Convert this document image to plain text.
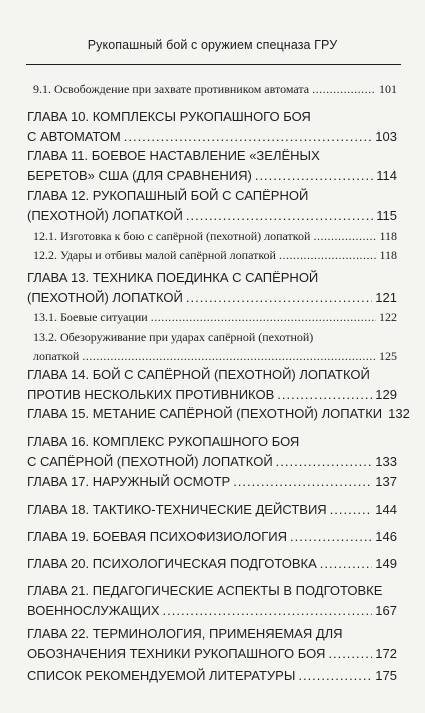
Рукопашный бой с оружием спецназа ГРУ
9.1. Освобождение при захвате противником автомата .....	101
ГЛАВА 10. КОМПЛЕКСЫ РУКОПАШНОГО БОЯ
С АВТОМАТОМ .....	103
ГЛАВА 11. БОЕВОЕ НАСТАВЛЕНИЕ «ЗЕЛЁНЫХ
БЕРЕТОВ» США (ДЛЯ СРАВНЕНИЯ) .....	114
ГЛАВА 12. РУКОПАШНЫЙ БОЙ С САПЁРНОЙ
(ПЕХОТНОЙ) ЛОПАТКОЙ .....	115
12.1. Изготовка к бою с сапёрной (пехотной) лопаткой .....	118
12.2. Удары и отбивы малой сапёрной лопаткой .....	118
ГЛАВА 13. ТЕХНИКА ПОЕДИНКА С САПЁРНОЙ
(ПЕХОТНОЙ) ЛОПАТКОЙ .....	121
13.1. Боевые ситуации .....	122
13.2. Обезоруживание при ударах сапёрной (пехотной)
лопаткой .....	125
ГЛАВА 14. БОЙ С САПЁРНОЙ (ПЕХОТНОЙ) ЛОПАТКОЙ
ПРОТИВ НЕСКОЛЬКИХ ПРОТИВНИКОВ .....	129
ГЛАВА 15. МЕТАНИЕ САПЁРНОЙ (ПЕХОТНОЙ) ЛОПАТКИ 132
ГЛАВА 16. КОМПЛЕКС РУКОПАШНОГО БОЯ
С САПЁРНОЙ (ПЕХОТНОЙ) ЛОПАТКОЙ .....	133
ГЛАВА 17. НАРУЖНЫЙ ОСМОТР .....	137
ГЛАВА 18. ТАКТИКО-ТЕХНИЧЕСКИЕ ДЕЙСТВИЯ .....	144
ГЛАВА 19. БОЕВАЯ ПСИХОФИЗИОЛОГИЯ .....	146
ГЛАВА 20. ПСИХОЛОГИЧЕСКАЯ ПОДГОТОВКА .....	149
ГЛАВА 21. ПЕДАГОГИЧЕСКИЕ АСПЕКТЫ В ПОДГОТОВКЕ
ВОЕННОСЛУЖАЩИХ .....	167
ГЛАВА 22. ТЕРМИНОЛОГИЯ, ПРИМЕНЯЕМАЯ ДЛЯ
ОБОЗНАЧЕНИЯ ТЕХНИКИ РУКОПАШНОГО БОЯ .....	172
СПИСОК РЕКОМЕНДУЕМОЙ ЛИТЕРАТУРЫ .....	175
